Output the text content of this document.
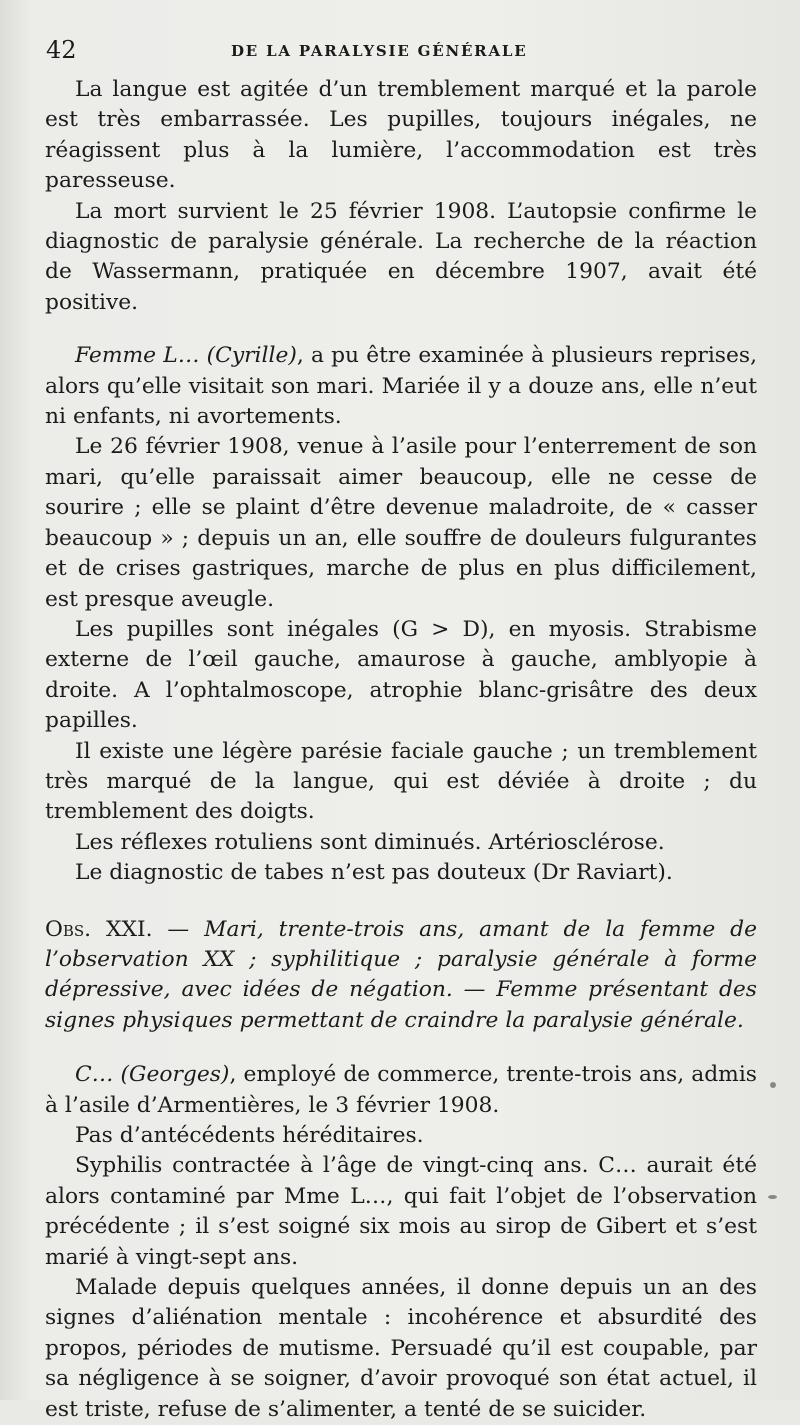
42	DE LA PARALYSIE GÉNÉRALE

La langue est agitée d’un tremblement marqué et la parole est très embarrassée. Les pupilles, toujours inégales, ne réagissent plus à la lumière, l’accommodation est très paresseuse.

La mort survient le 25 février 1908. L’autopsie confirme le diagnostic de paralysie générale. La recherche de la réaction de Wassermann, pratiquée en décembre 1907, avait été positive.

Femme L… (Cyrille), a pu être examinée à plusieurs reprises, alors qu’elle visitait son mari. Mariée il y a douze ans, elle n’eut ni enfants, ni avortements.

Le 26 février 1908, venue à l’asile pour l’enterrement de son mari, qu’elle paraissait aimer beaucoup, elle ne cesse de sourire ; elle se plaint d’être devenue maladroite, de « casser beaucoup » ; depuis un an, elle souffre de douleurs fulgurantes et de crises gastriques, marche de plus en plus difficilement, est presque aveugle.

Les pupilles sont inégales (G > D), en myosis. Strabisme externe de l’œil gauche, amaurose à gauche, amblyopie à droite. A l’ophtalmoscope, atrophie blanc-grisâtre des deux papilles.

Il existe une légère parésie faciale gauche ; un tremblement très marqué de la langue, qui est déviée à droite ; du tremblement des doigts.

Les réflexes rotuliens sont diminués. Artériosclérose.

Le diagnostic de tabes n’est pas douteux (Dr Raviart).

Obs. XXI. — Mari, trente-trois ans, amant de la femme de l’observation XX ; syphilitique ; paralysie générale à forme dépressive, avec idées de négation. — Femme présentant des signes physiques permettant de craindre la paralysie générale.

C… (Georges), employé de commerce, trente-trois ans, admis à l’asile d’Armentières, le 3 février 1908.

Pas d’antécédents héréditaires.

Syphilis contractée à l’âge de vingt-cinq ans. C… aurait été alors contaminé par Mme L…, qui fait l’objet de l’observation précédente ; il s’est soigné six mois au sirop de Gibert et s’est marié à vingt-sept ans.

Malade depuis quelques années, il donne depuis un an des signes d’aliénation mentale : incohérence et absurdité des propos, périodes de mutisme. Persuadé qu’il est coupable, par sa négligence à se soigner, d’avoir provoqué son état actuel, il est triste, refuse de s’alimenter, a tenté de se suicider.
